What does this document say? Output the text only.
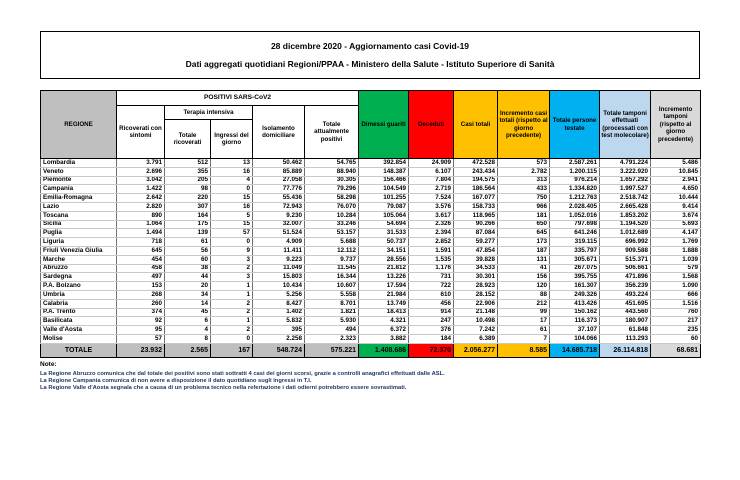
28 dicembre 2020 - Aggiornamento casi Covid-19
Dati aggregati quotidiani Regioni/PPAA - Ministero della Salute - Istituto Superiore di Sanità
REGIONE	POSITIVI SARS-CoV2					Dimessi guariti	Deceduti	Casi totali	Incremento casi totali (rispetto al giorno precedente)	Totale persone testate	Totale tamponi effettuati (processati con test molecolare)	Incremento tamponi (rispetto al giorno precedente)
	Ricoverati con sintomi	Terapia intensiva		Isolamento domiciliare	Totale attualmente positivi							
		Totale ricoverati	Ingressi del giorno									
Lombardia	3.791	512	13	50.462	54.765	392.854	24.909	472.528	573	2.587.261	4.791.224	5.486
Veneto	2.696	355	16	85.889	88.940	148.387	6.107	243.434	2.782	1.200.115	3.222.920	10.845
Piemonte	3.042	205	4	27.058	30.305	156.466	7.804	194.575	313	976.214	1.657.292	2.941
Campania	1.422	98	0	77.776	79.296	104.549	2.719	186.564	433	1.334.820	1.997.527	4.650
Emilia-Romagna	2.642	220	15	55.436	58.298	101.255	7.524	167.077	750	1.212.763	2.518.742	10.444
Lazio	2.820	307	16	72.943	76.070	79.087	3.576	158.733	966	2.028.405	2.665.428	9.414
Toscana	890	164	5	9.230	10.284	105.064	3.617	118.965	181	1.052.016	1.853.202	3.674
Sicilia	1.064	175	15	32.007	33.246	54.694	2.326	90.266	650	797.698	1.194.520	5.693
Puglia	1.494	139	57	51.524	53.157	31.533	2.394	87.084	645	641.246	1.012.689	4.147
Liguria	718	61	0	4.909	5.688	50.737	2.852	59.277	173	319.115	696.992	1.769
Friuli Venezia Giulia	645	56	9	11.411	12.112	34.151	1.591	47.854	187	335.797	909.588	1.888
Marche	454	60	3	9.223	9.737	28.556	1.535	39.828	131	305.671	515.371	1.039
Abruzzo	458	38	2	11.049	11.545	21.812	1.176	34.533	41	267.075	506.661	579
Sardegna	497	44	3	15.803	16.344	13.226	731	30.301	156	395.755	471.896	1.568
P.A. Bolzano	153	20	1	10.434	10.607	17.594	722	28.923	120	161.307	356.239	1.090
Umbria	268	34	1	5.256	5.558	21.984	610	28.152	88	249.326	493.224	666
Calabria	260	14	2	8.427	8.701	13.749	456	22.906	212	413.426	451.695	1.516
P.A. Trento	374	45	2	1.402	1.821	18.413	914	21.148	99	150.162	443.560	760
Basilicata	92	6	1	5.832	5.930	4.321	247	10.498	17	116.373	180.907	217
Valle d'Aosta	95	4	2	395	494	6.372	376	7.242	61	37.107	61.848	235
Molise	57	8	0	2.258	2.323	3.882	184	6.389	7	104.066	113.293	60
TOTALE	23.932	2.565	167	548.724	575.221	1.408.686	72.370	2.056.277	8.585	14.685.718	26.114.818	68.681
Note:
La Regione Abruzzo comunica che dal totale dei positivi sono stati sottratti 4 casi dei giorni scorsi, grazie a controlli anagrafici effettuati dalle ASL.
La Regione Campania comunica di non avere a disposizione il dato quotidiano sugli ingressi in T.I.
La Regione Valle d'Aosta segnala che a causa di un problema tecnico nella refertazione i dati odierni potrebbero essere sovrastimati.
